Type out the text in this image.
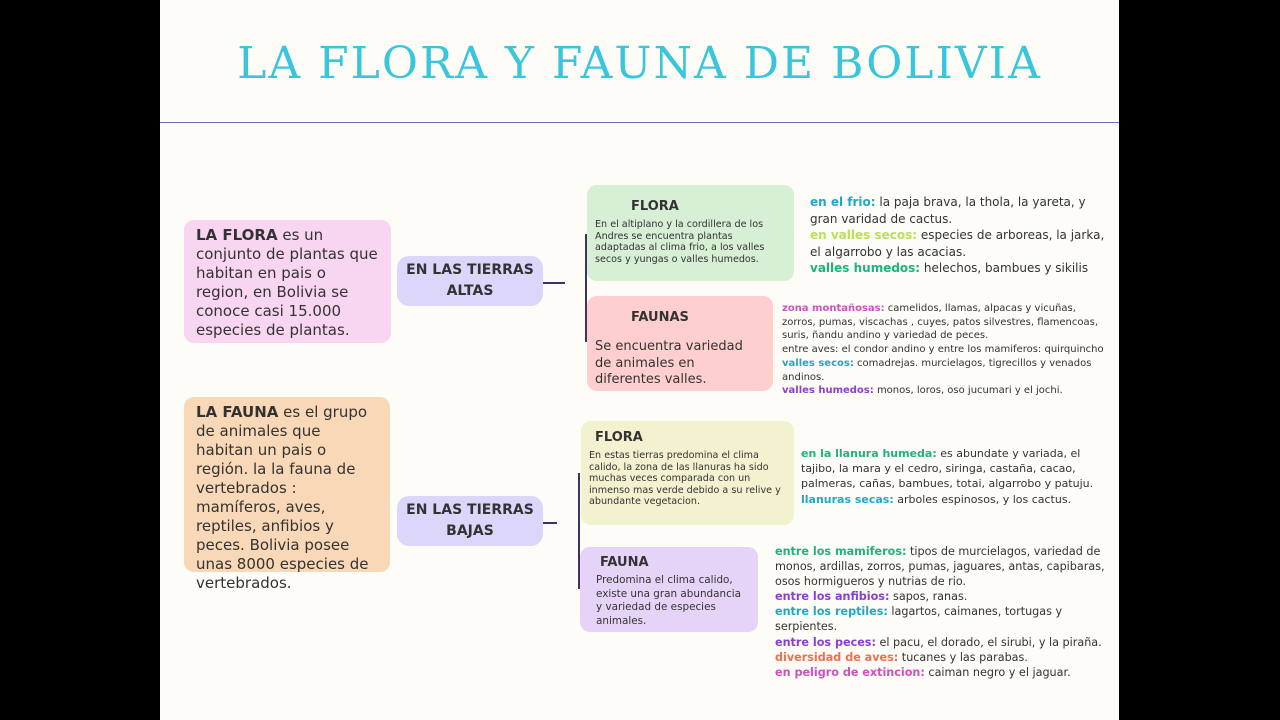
LA FLORA Y FAUNA DE BOLIVIA
LA FLORA es un conjunto de plantas que habitan en pais o region, en Bolivia se conoce casi 15.000 especies de plantas.
LA FAUNA es el grupo de animales que habitan un pais o región. la la fauna de vertebrados : mamíferos, aves, reptiles, anfibios y peces. Bolivia posee unas 8000 especies de vertebrados.
EN LAS TIERRAS ALTAS
EN LAS TIERRAS BAJAS
FLORA
En el altiplano y la cordillera de los Andres se encuentra plantas adaptadas al clima frio, a los valles secos y yungas o valles humedos.
FAUNAS
Se encuentra variedad de animales en diferentes valles.
FLORA
En estas tierras predomina el clima calido, la zona de las llanuras ha sido muchas veces comparada con un inmenso mas verde debido a su relive y abundante vegetacion.
FAUNA
Predomina el clima calido, existe una gran abundancia y variedad de especies animales.
en el frio: la paja brava, la thola, la yareta, y gran varidad de cactus.
en valles secos: especies de arboreas, la jarka, el algarrobo y las acacias.
valles humedos: helechos, bambues y sikilis
zona montañosas: camelidos, llamas, alpacas y vicuñas, zorros, pumas, viscachas , cuyes, patos silvestres, flamencoas, suris, ñandu andino y variedad de peces.
entre aves: el condor andino y entre los mamiferos: quirquincho
valles secos: comadrejas. murcielagos, tigrecillos y venados andinos.
valles humedos: monos, loros, oso jucumari y el jochi.
en la llanura humeda: es abundate y variada, el tajibo, la mara y el cedro, siringa, castaña, cacao, palmeras, cañas, bambues, totai, algarrobo y patuju.
llanuras secas: arboles espinosos, y los cactus.
entre los mamiferos: tipos de murcielagos, variedad de monos, ardillas, zorros, pumas, jaguares, antas, capibaras, osos hormigueros y nutrias de rio.
entre los anfibios: sapos, ranas.
entre los reptiles: lagartos, caimanes, tortugas y serpientes.
entre los peces: el pacu, el dorado, el sirubi, y la piraña.
diversidad de aves: tucanes y las parabas.
en peligro de extincion: caiman negro y el jaguar.
